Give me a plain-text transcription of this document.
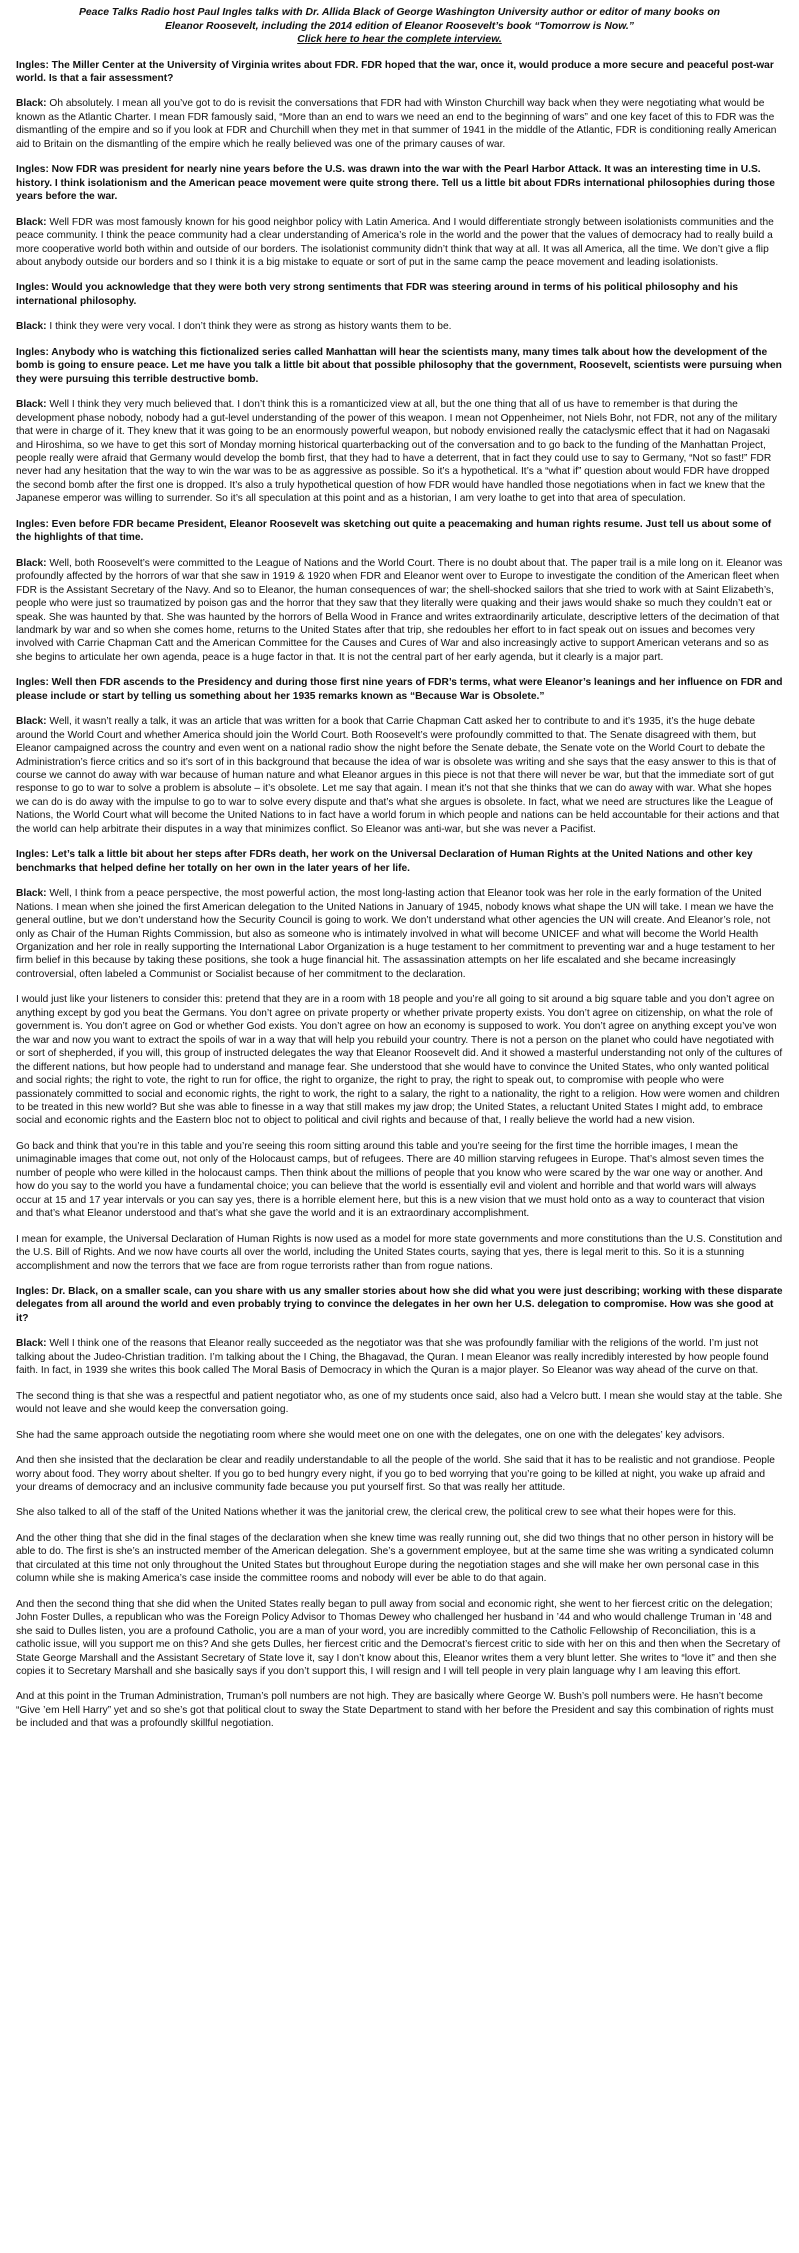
Peace Talks Radio host Paul Ingles talks with Dr. Allida Black of George Washington University author or editor of many books on
Eleanor Roosevelt, including the 2014 edition of Eleanor Roosevelt’s book “Tomorrow is Now.”
Click here to hear the complete interview.
Ingles: The Miller Center at the University of Virginia writes about FDR. FDR hoped that the war, once it, would produce a more secure and peaceful post-war world. Is that a fair assessment?
Black: Oh absolutely. I mean all you’ve got to do is revisit the conversations that FDR had with Winston Churchill way back when they were negotiating what would be known as the Atlantic Charter. I mean FDR famously said, “More than an end to wars we need an end to the beginning of wars” and one key facet of this to FDR was the dismantling of the empire and so if you look at FDR and Churchill when they met in that summer of 1941 in the middle of the Atlantic, FDR is conditioning really American aid to Britain on the dismantling of the empire which he really believed was one of the primary causes of war.
Ingles: Now FDR was president for nearly nine years before the U.S. was drawn into the war with the Pearl Harbor Attack. It was an interesting time in U.S. history. I think isolationism and the American peace movement were quite strong there. Tell us a little bit about FDRs international philosophies during those years before the war.
Black: Well FDR was most famously known for his good neighbor policy with Latin America. And I would differentiate strongly between isolationists communities and the peace community. I think the peace community had a clear understanding of America’s role in the world and the power that the values of democracy had to really build a more cooperative world both within and outside of our borders. The isolationist community didn’t think that way at all. It was all America, all the time. We don’t give a flip about anybody outside our borders and so I think it is a big mistake to equate or sort of put in the same camp the peace movement and leading isolationists.
Ingles: Would you acknowledge that they were both very strong sentiments that FDR was steering around in terms of his political philosophy and his international philosophy.
Black: I think they were very vocal. I don’t think they were as strong as history wants them to be.
Ingles: Anybody who is watching this fictionalized series called Manhattan will hear the scientists many, many times talk about how the development of the bomb is going to ensure peace. Let me have you talk a little bit about that possible philosophy that the government, Roosevelt, scientists were pursuing when they were pursuing this terrible destructive bomb.
Black: Well I think they very much believed that. I don’t think this is a romanticized view at all, but the one thing that all of us have to remember is that during the development phase nobody, nobody had a gut-level understanding of the power of this weapon. I mean not Oppenheimer, not Niels Bohr, not FDR, not any of the military that were in charge of it. They knew that it was going to be an enormously powerful weapon, but nobody envisioned really the cataclysmic effect that it had on Nagasaki and Hiroshima, so we have to get this sort of Monday morning historical quarterbacking out of the conversation and to go back to the funding of the Manhattan Project, people really were afraid that Germany would develop the bomb first, that they had to have a deterrent, that in fact they could use to say to Germany, “Not so fast!” FDR never had any hesitation that the way to win the war was to be as aggressive as possible. So it’s a hypothetical. It’s a “what if” question about would FDR have dropped the second bomb after the first one is dropped. It’s also a truly hypothetical question of how FDR would have handled those negotiations when in fact we knew that the Japanese emperor was willing to surrender. So it’s all speculation at this point and as a historian, I am very loathe to get into that area of speculation.
Ingles: Even before FDR became President, Eleanor Roosevelt was sketching out quite a peacemaking and human rights resume. Just tell us about some of the highlights of that time.
Black: Well, both Roosevelt’s were committed to the League of Nations and the World Court. There is no doubt about that. The paper trail is a mile long on it. Eleanor was profoundly affected by the horrors of war that she saw in 1919 & 1920 when FDR and Eleanor went over to Europe to investigate the condition of the American fleet when FDR is the Assistant Secretary of the Navy. And so to Eleanor, the human consequences of war; the shell-shocked sailors that she tried to work with at Saint Elizabeth’s, people who were just so traumatized by poison gas and the horror that they saw that they literally were quaking and their jaws would shake so much they couldn’t eat or speak. She was haunted by that. She was haunted by the horrors of Bella Wood in France and writes extraordinarily articulate, descriptive letters of the decimation of that landmark by war and so when she comes home, returns to the United States after that trip, she redoubles her effort to in fact speak out on issues and becomes very involved with Carrie Chapman Catt and the American Committee for the Causes and Cures of War and also increasingly active to support American veterans and so as she begins to articulate her own agenda, peace is a huge factor in that. It is not the central part of her early agenda, but it clearly is a major part.
Ingles: Well then FDR ascends to the Presidency and during those first nine years of FDR’s terms, what were Eleanor’s leanings and her influence on FDR and please include or start by telling us something about her 1935 remarks known as “Because War is Obsolete.”
Black: Well, it wasn’t really a talk, it was an article that was written for a book that Carrie Chapman Catt asked her to contribute to and it’s 1935, it’s the huge debate around the World Court and whether America should join the World Court. Both Roosevelt’s were profoundly committed to that. The Senate disagreed with them, but Eleanor campaigned across the country and even went on a national radio show the night before the Senate debate, the Senate vote on the World Court to debate the Administration’s fierce critics and so it’s sort of in this background that because the idea of war is obsolete was writing and she says that the easy answer to this is that of course we cannot do away with war because of human nature and what Eleanor argues in this piece is not that there will never be war, but that the immediate sort of gut response to go to war to solve a problem is absolute – it’s obsolete. Let me say that again. I mean it’s not that she thinks that we can do away with war. What she hopes we can do is do away with the impulse to go to war to solve every dispute and that’s what she argues is obsolete. In fact, what we need are structures like the League of Nations, the World Court what will become the United Nations to in fact have a world forum in which people and nations can be held accountable for their actions and that the world can help arbitrate their disputes in a way that minimizes conflict. So Eleanor was anti-war, but she was never a Pacifist.
Ingles: Let’s talk a little bit about her steps after FDRs death, her work on the Universal Declaration of Human Rights at the United Nations and other key benchmarks that helped define her totally on her own in the later years of her life.
Black: Well, I think from a peace perspective, the most powerful action, the most long-lasting action that Eleanor took was her role in the early formation of the United Nations. I mean when she joined the first American delegation to the United Nations in January of 1945, nobody knows what shape the UN will take. I mean we have the general outline, but we don’t understand how the Security Council is going to work. We don’t understand what other agencies the UN will create. And Eleanor’s role, not only as Chair of the Human Rights Commission, but also as someone who is intimately involved in what will become UNICEF and what will become the World Health Organization and her role in really supporting the International Labor Organization is a huge testament to her commitment to preventing war and a huge testament to her firm belief in this because by taking these positions, she took a huge financial hit. The assassination attempts on her life escalated and she became increasingly controversial, often labeled a Communist or Socialist because of her commitment to the declaration.
I would just like your listeners to consider this: pretend that they are in a room with 18 people and you’re all going to sit around a big square table and you don’t agree on anything except by god you beat the Germans. You don’t agree on private property or whether private property exists. You don’t agree on citizenship, on what the role of government is. You don’t agree on God or whether God exists. You don’t agree on how an economy is supposed to work. You don’t agree on anything except you’ve won the war and now you want to extract the spoils of war in a way that will help you rebuild your country. There is not a person on the planet who could have negotiated with or sort of shepherded, if you will, this group of instructed delegates the way that Eleanor Roosevelt did. And it showed a masterful understanding not only of the cultures of the different nations, but how people had to understand and manage fear. She understood that she would have to convince the United States, who only wanted political and social rights; the right to vote, the right to run for office, the right to organize, the right to pray, the right to speak out, to compromise with people who were passionately committed to social and economic rights, the right to work, the right to a salary, the right to a nationality, the right to a religion. How were women and children to be treated in this new world? But she was able to finesse in a way that still makes my jaw drop; the United States, a reluctant United States I might add, to embrace social and economic rights and the Eastern bloc not to object to political and civil rights and because of that, I really believe the world had a new vision.
Go back and think that you’re in this table and you’re seeing this room sitting around this table and you’re seeing for the first time the horrible images, I mean the unimaginable images that come out, not only of the Holocaust camps, but of refugees. There are 40 million starving refugees in Europe. That’s almost seven times the number of people who were killed in the holocaust camps. Then think about the millions of people that you know who were scared by the war one way or another. And how do you say to the world you have a fundamental choice; you can believe that the world is essentially evil and violent and horrible and that world wars will always occur at 15 and 17 year intervals or you can say yes, there is a horrible element here, but this is a new vision that we must hold onto as a way to counteract that vision and that’s what Eleanor understood and that’s what she gave the world and it is an extraordinary accomplishment.
I mean for example, the Universal Declaration of Human Rights is now used as a model for more state governments and more constitutions than the U.S. Constitution and the U.S. Bill of Rights. And we now have courts all over the world, including the United States courts, saying that yes, there is legal merit to this. So it is a stunning accomplishment and now the terrors that we face are from rogue terrorists rather than from rogue nations.
Ingles: Dr. Black, on a smaller scale, can you share with us any smaller stories about how she did what you were just describing; working with these disparate delegates from all around the world and even probably trying to convince the delegates in her own her U.S. delegation to compromise. How was she good at it?
Black: Well I think one of the reasons that Eleanor really succeeded as the negotiator was that she was profoundly familiar with the religions of the world. I’m just not talking about the Judeo-Christian tradition. I’m talking about the I Ching, the Bhagavad, the Quran. I mean Eleanor was really incredibly interested by how people found faith. In fact, in 1939 she writes this book called The Moral Basis of Democracy in which the Quran is a major player. So Eleanor was way ahead of the curve on that.
The second thing is that she was a respectful and patient negotiator who, as one of my students once said, also had a Velcro butt. I mean she would stay at the table. She would not leave and she would keep the conversation going.
She had the same approach outside the negotiating room where she would meet one on one with the delegates, one on one with the delegates’ key advisors.
And then she insisted that the declaration be clear and readily understandable to all the people of the world. She said that it has to be realistic and not grandiose. People worry about food. They worry about shelter. If you go to bed hungry every night, if you go to bed worrying that you’re going to be killed at night, you wake up afraid and your dreams of democracy and an inclusive community fade because you put yourself first. So that was really her attitude.
She also talked to all of the staff of the United Nations whether it was the janitorial crew, the clerical crew, the political crew to see what their hopes were for this.
And the other thing that she did in the final stages of the declaration when she knew time was really running out, she did two things that no other person in history will be able to do. The first is she’s an instructed member of the American delegation. She’s a government employee, but at the same time she was writing a syndicated column that circulated at this time not only throughout the United States but throughout Europe during the negotiation stages and she will make her own personal case in this column while she is making America’s case inside the committee rooms and nobody will ever be able to do that again.
And then the second thing that she did when the United States really began to pull away from social and economic right, she went to her fiercest critic on the delegation; John Foster Dulles, a republican who was the Foreign Policy Advisor to Thomas Dewey who challenged her husband in ’44 and who would challenge Truman in ’48 and she said to Dulles listen, you are a profound Catholic, you are a man of your word, you are incredibly committed to the Catholic Fellowship of Reconciliation, this is a catholic issue, will you support me on this? And she gets Dulles, her fiercest critic and the Democrat’s fiercest critic to side with her on this and then when the Secretary of State George Marshall and the Assistant Secretary of State love it, say I don’t know about this, Eleanor writes them a very blunt letter. She writes to “love it” and then she copies it to Secretary Marshall and she basically says if you don’t support this, I will resign and I will tell people in very plain language why I am leaving this effort.
And at this point in the Truman Administration, Truman’s poll numbers are not high. They are basically where George W. Bush’s poll numbers were. He hasn’t become “Give ’em Hell Harry” yet and so she’s got that political clout to sway the State Department to stand with her before the President and say this combination of rights must be included and that was a profoundly skillful negotiation.
